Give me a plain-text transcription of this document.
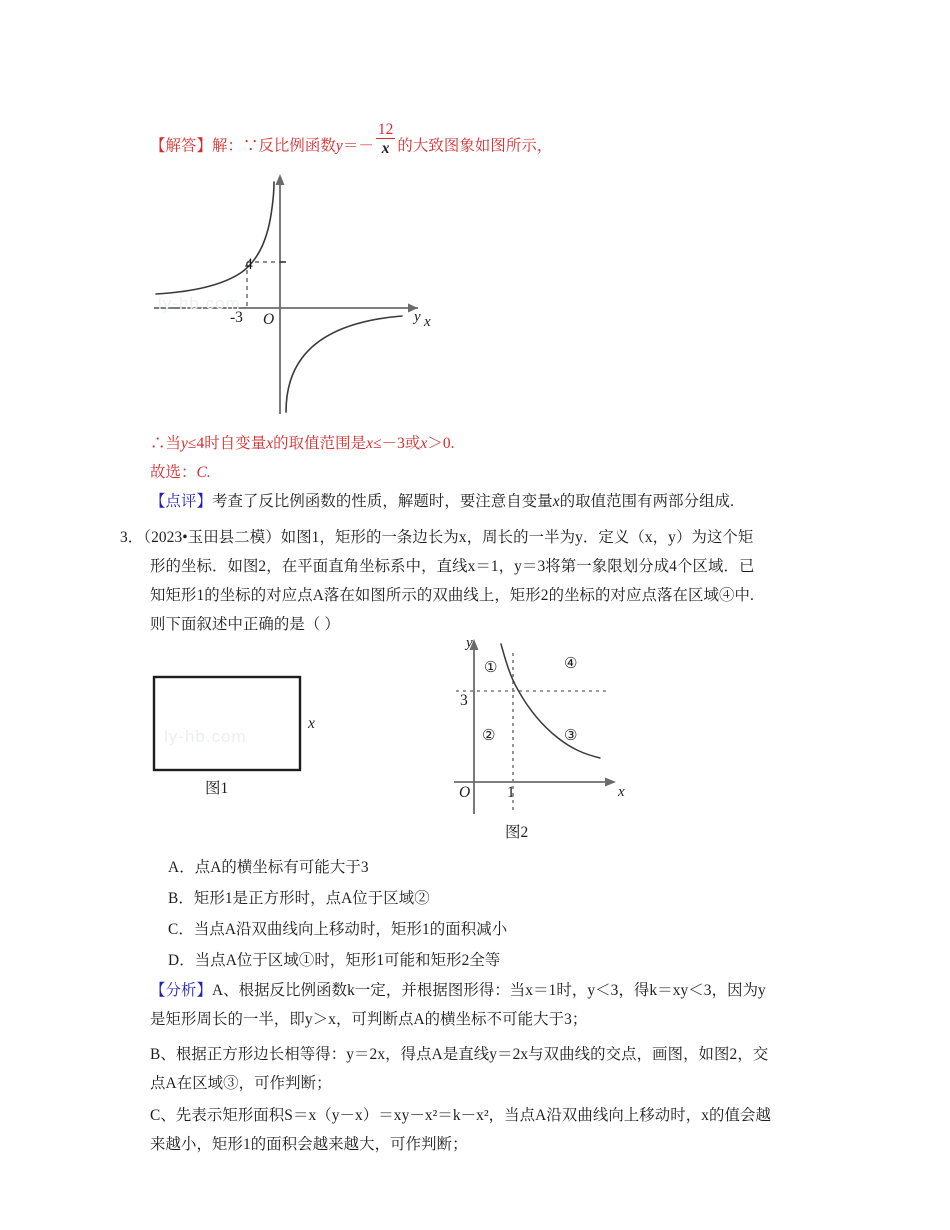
【解答】解：∵反比例函数$y=- \frac{12}{x}$ 的大致图象如图所示，
y x
4
-3 O
ly-hb.com
∴当y≤4时自变量x的取值范围是x≤－3或x＞0.
故选：C.
【点评】考查了反比例函数的性质，解题时，要注意自变量x的取值范围有两部分组成.
3．（2023•玉田县二模）如图1，矩形的一条边长为x，周长的一半为y．定义（x，y）为这个矩
形的坐标．如图2，在平面直角坐标系中，直线x＝1，y＝3将第一象限划分成4个区域．已
知矩形1的坐标的对应点A落在如图所示的双曲线上，矩形2的坐标的对应点落在区域④中.
则下面叙述中正确的是（ ）
x
ly-hb.com
图1
y
x
O 1
3
①
②	③
④
图2
A．点A的横坐标有可能大于3
B．矩形1是正方形时，点A位于区域②
C．当点A沿双曲线向上移动时，矩形1的面积减小
D．当点A位于区域①时，矩形1可能和矩形2全等
【分析】A、根据反比例函数k一定，并根据图形得：当x＝1时，y＜3，得k＝xy＜3，因为y
是矩形周长的一半，即y＞x，可判断点A的横坐标不可能大于3；
B、根据正方形边长相等得：y＝2x，得点A是直线y＝2x与双曲线的交点，画图，如图2，交
点A在区域③，可作判断；
C、先表示矩形面积S＝x（y－x）＝xy－x²＝k－x²，当点A沿双曲线向上移动时，x的值会越
来越小，矩形1的面积会越来越大，可作判断；
